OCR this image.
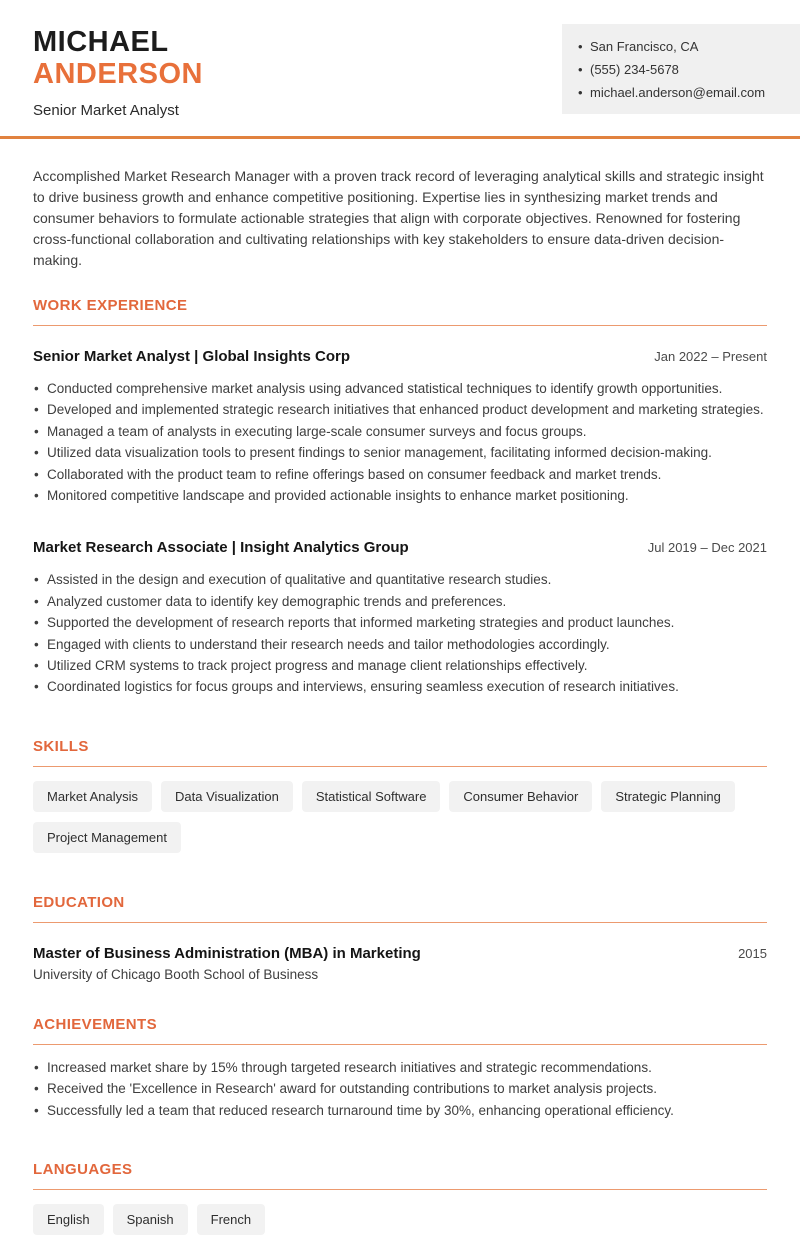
MICHAEL
ANDERSON
Senior Market Analyst
• San Francisco, CA
• (555) 234-5678
• michael.anderson@email.com

Accomplished Market Research Manager with a proven track record of leveraging analytical skills and strategic insight to drive business growth and enhance competitive positioning. Expertise lies in synthesizing market trends and consumer behaviors to formulate actionable strategies that align with corporate objectives. Renowned for fostering cross-functional collaboration and cultivating relationships with key stakeholders to ensure data-driven decision-making.

WORK EXPERIENCE
Senior Market Analyst | Global Insights Corp	Jan 2022 – Present
• Conducted comprehensive market analysis using advanced statistical techniques to identify growth opportunities.
• Developed and implemented strategic research initiatives that enhanced product development and marketing strategies.
• Managed a team of analysts in executing large-scale consumer surveys and focus groups.
• Utilized data visualization tools to present findings to senior management, facilitating informed decision-making.
• Collaborated with the product team to refine offerings based on consumer feedback and market trends.
• Monitored competitive landscape and provided actionable insights to enhance market positioning.
Market Research Associate | Insight Analytics Group	Jul 2019 – Dec 2021
• Assisted in the design and execution of qualitative and quantitative research studies.
• Analyzed customer data to identify key demographic trends and preferences.
• Supported the development of research reports that informed marketing strategies and product launches.
• Engaged with clients to understand their research needs and tailor methodologies accordingly.
• Utilized CRM systems to track project progress and manage client relationships effectively.
• Coordinated logistics for focus groups and interviews, ensuring seamless execution of research initiatives.
SKILLS
Market Analysis	Data Visualization	Statistical Software	Consumer Behavior	Strategic Planning
Project Management
EDUCATION
Master of Business Administration (MBA) in Marketing	2015
University of Chicago Booth School of Business
ACHIEVEMENTS
• Increased market share by 15% through targeted research initiatives and strategic recommendations.
• Received the 'Excellence in Research' award for outstanding contributions to market analysis projects.
• Successfully led a team that reduced research turnaround time by 30%, enhancing operational efficiency.
LANGUAGES
English	Spanish	French
